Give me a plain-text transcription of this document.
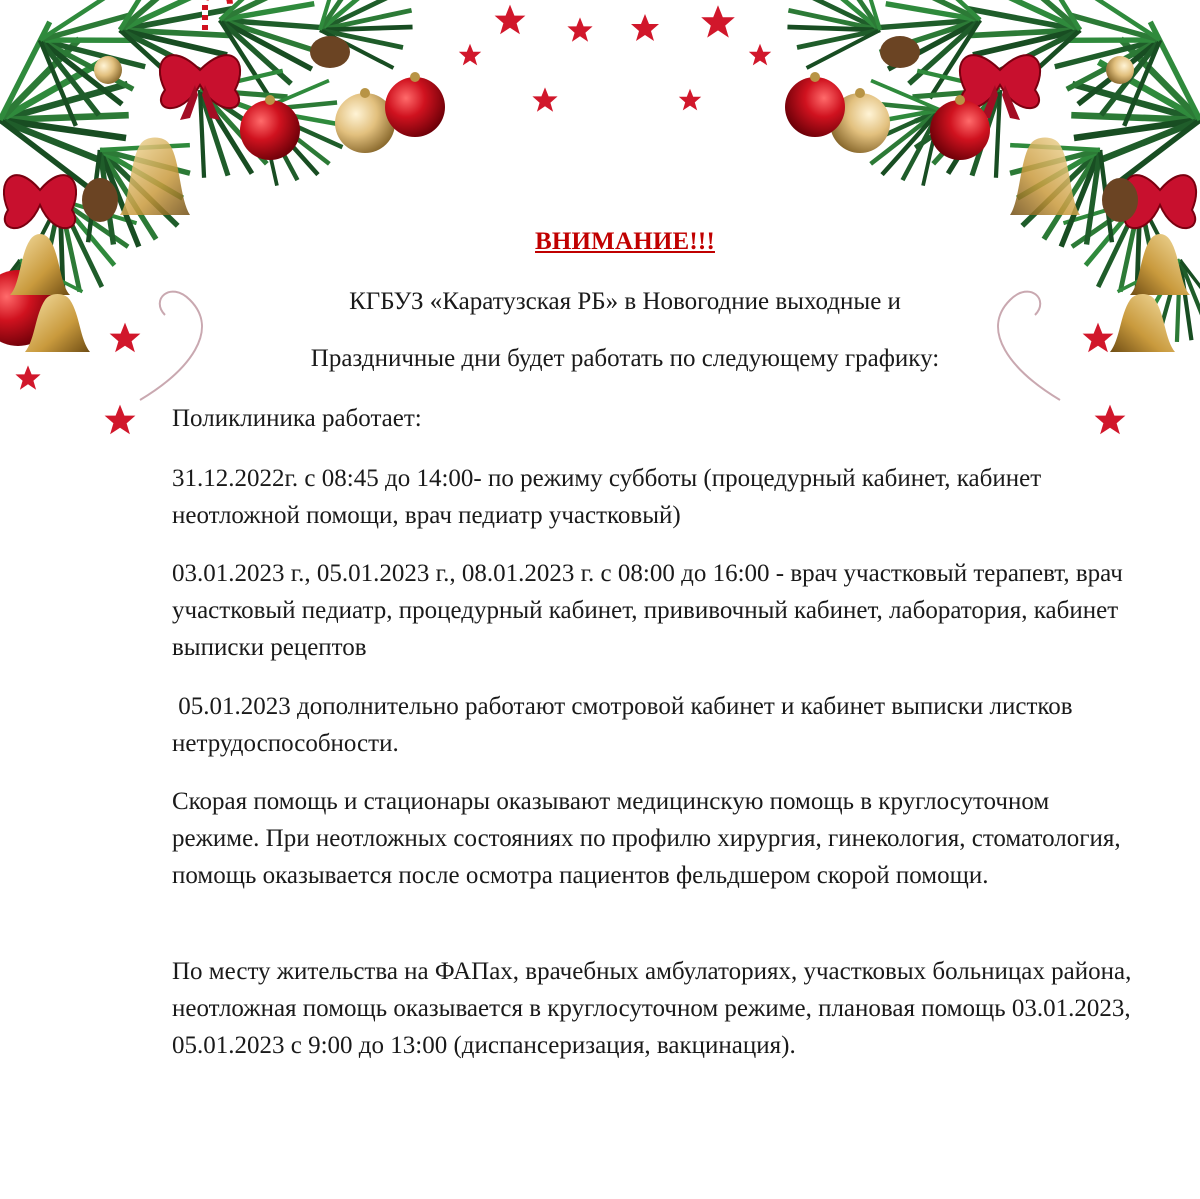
ВНИМАНИЕ!!!
КГБУЗ «Каратузская РБ» в Новогодние выходные и
Праздничные дни будет работать по следующему графику:
Поликлиника работает:
31.12.2022г. с 08:45 до 14:00- по режиму субботы (процедурный кабинет, кабинет неотложной помощи, врач педиатр участковый)
03.01.2023 г., 05.01.2023 г., 08.01.2023 г. с 08:00 до 16:00 - врач участковый терапевт, врач участковый педиатр, процедурный кабинет, прививочный кабинет, лаборатория, кабинет выписки рецептов
05.01.2023 дополнительно работают смотровой кабинет и кабинет выписки листков нетрудоспособности.
Скорая помощь и стационары оказывают медицинскую помощь в круглосуточном режиме. При неотложных состояниях по профилю хирургия, гинекология, стоматология, помощь оказывается после осмотра пациентов фельдшером скорой помощи.
По месту жительства на ФАПах, врачебных амбулаториях, участковых больницах района, неотложная помощь оказывается в круглосуточном режиме, плановая помощь 03.01.2023, 05.01.2023 с 9:00 до 13:00 (диспансеризация, вакцинация).
